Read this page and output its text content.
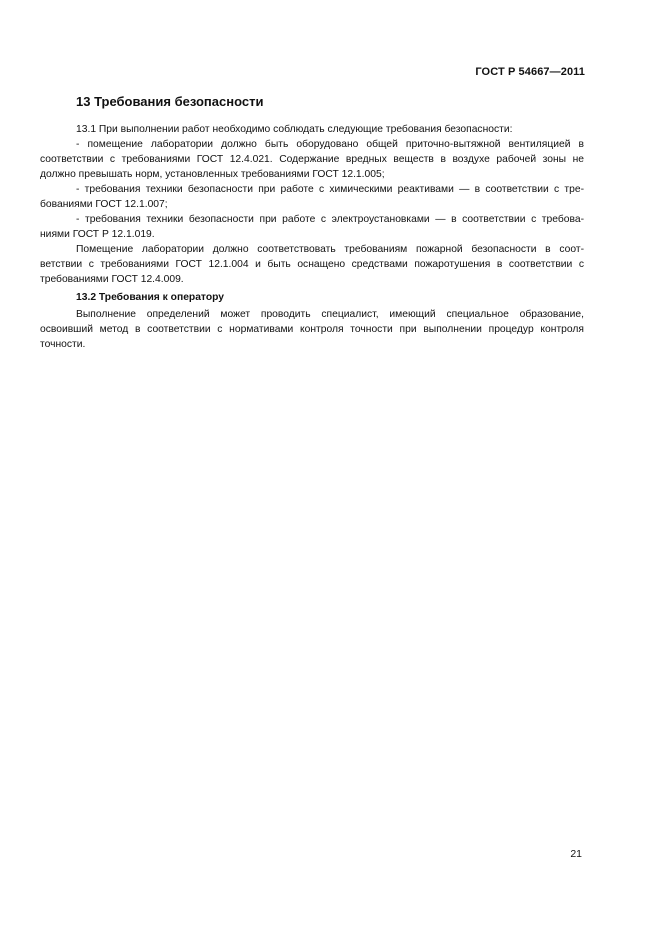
ГОСТ Р 54667—2011
13 Требования безопасности
13.1 При выполнении работ необходимо соблюдать следующие требования безопасности:
- помещение лаборатории должно быть оборудовано общей приточно-вытяжной вентиляцией в
соответствии с требованиями ГОСТ 12.4.021. Содержание вредных веществ в воздухе рабочей зоны не
должно превышать норм, установленных требованиями ГОСТ 12.1.005;
- требования техники безопасности при работе с химическими реактивами — в соответствии с тре-
бованиями ГОСТ 12.1.007;
- требования техники безопасности при работе с электроустановками — в соответствии с требова-
ниями ГОСТ Р 12.1.019.
Помещение лаборатории должно соответствовать требованиям пожарной безопасности в соот-
ветствии с требованиями ГОСТ 12.1.004 и быть оснащено средствами пожаротушения в соответствии с
требованиями ГОСТ 12.4.009.
13.2 Требования к оператору
Выполнение определений может проводить специалист, имеющий специальное образование,
освоивший метод в соответствии с нормативами контроля точности при выполнении процедур контроля
точности.
21
